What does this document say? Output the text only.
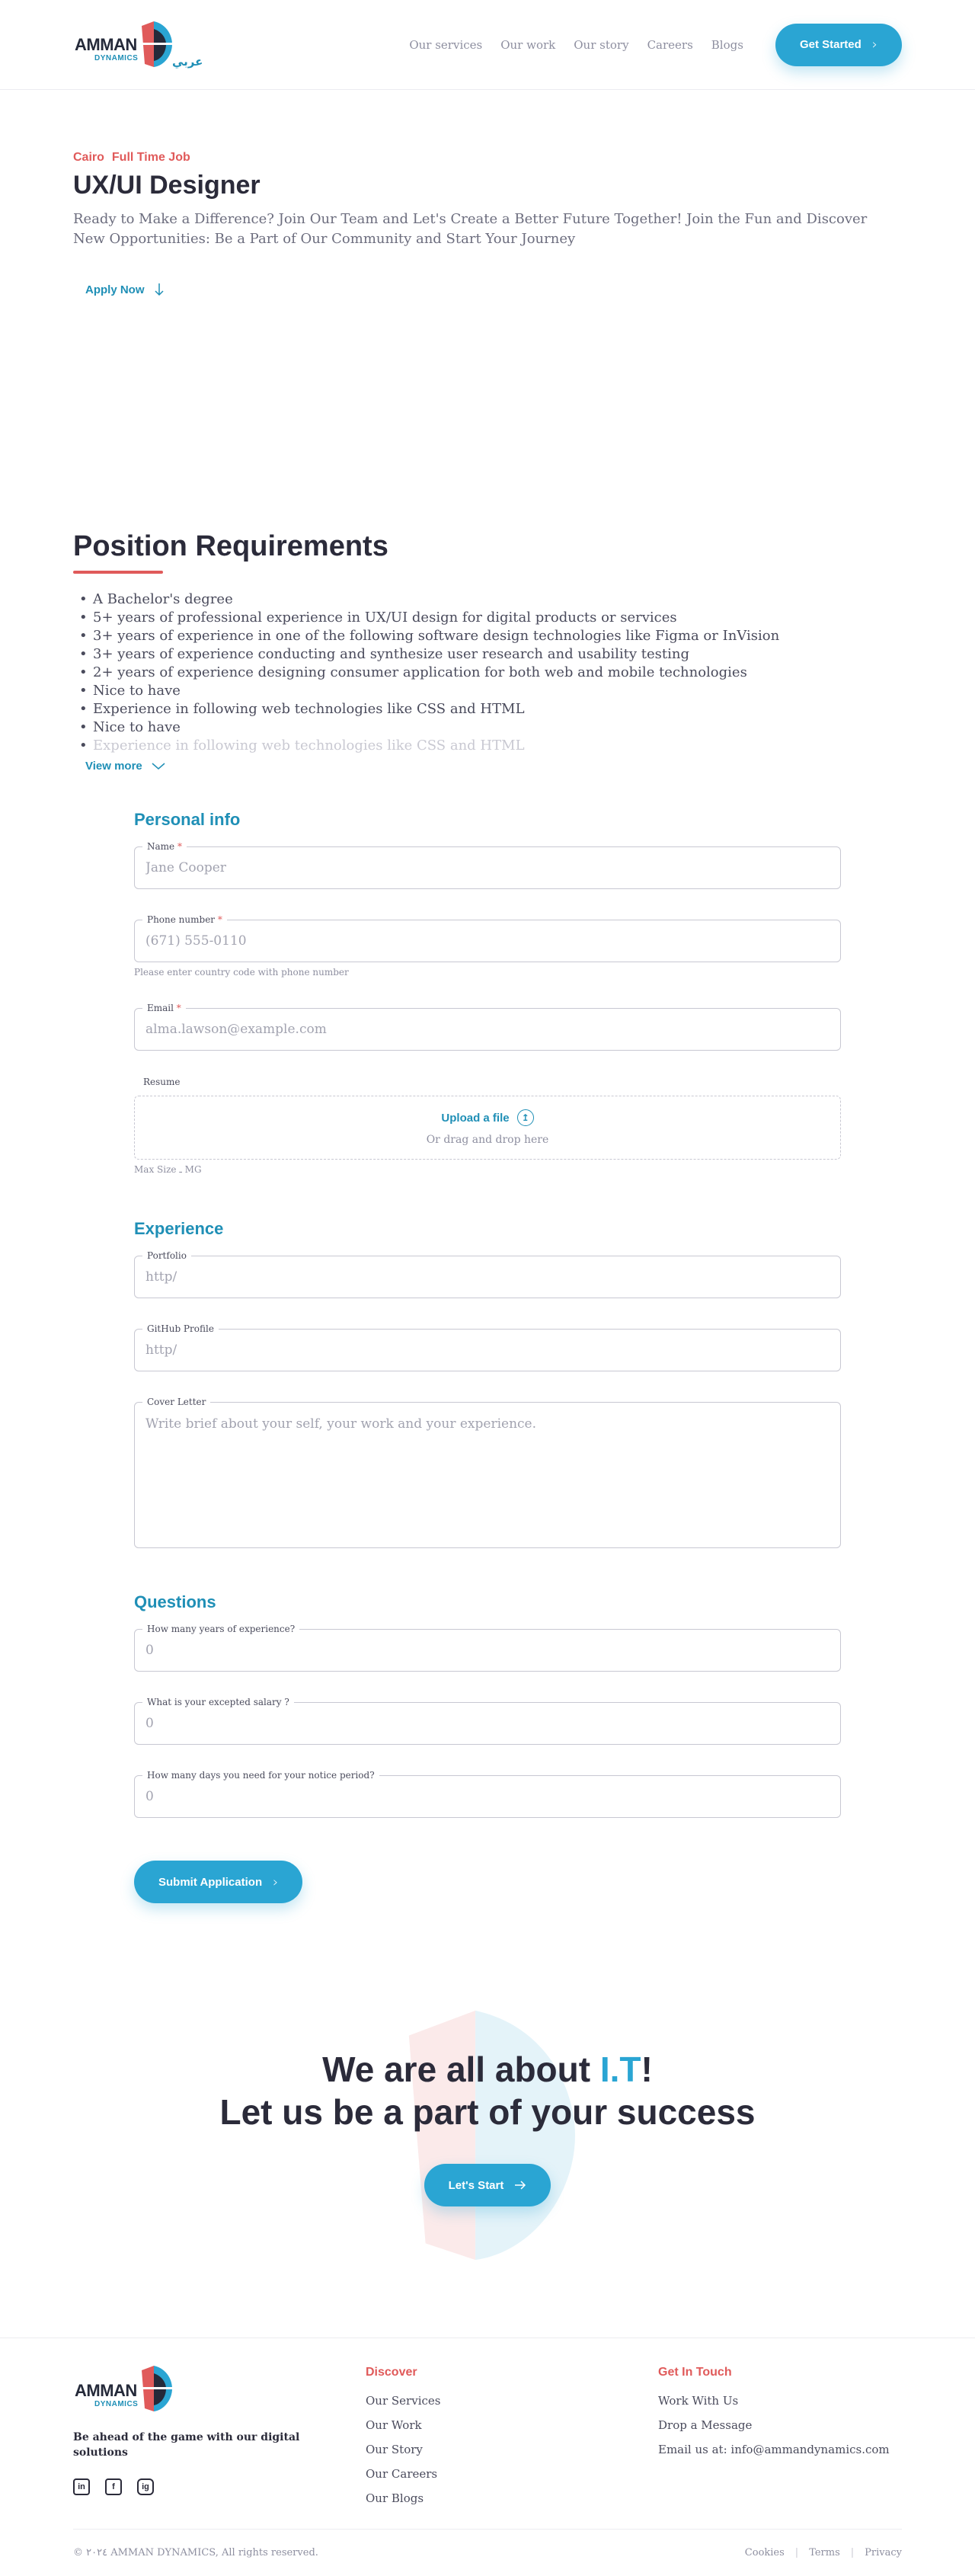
AMMAN
DYNAMICS	عربي
Our services Our work Our story Careers Blogs	Get Started ›
Cairo Full Time Job
UX/UI Designer

Ready to Make a Difference? Join Our Team and Let's Create a Better Future Together! Join the Fun and Discover New Opportunities: Be a Part of Our Community and Start Your Journey

Apply Now
Position Requirements
• A Bachelor's degree
• 5+ years of professional experience in UX/UI design for digital products or services
• 3+ years of experience in one of the following software design technologies like Figma or InVision
• 3+ years of experience conducting and synthesize user research and usability testing
• 2+ years of experience designing consumer application for both web and mobile technologies
• Nice to have
• Experience in following web technologies like CSS and HTML
• Nice to have
• Experience in following web technologies like CSS and HTML
View more
Personal info
Name *
Jane Cooper
Phone number *
(671) 555-0110

Please enter country code with phone number

Email *
alma.lawson@example.com
Resume
Upload a file	↥
Or drag and drop here

Max Size ـ MG

Experience
Portfolio
http/
GitHub Profile
http/
Cover Letter
Write brief about your self, your work and your experience.
Questions
How many years of experience?
0
What is your excepted salary ?
0
How many days you need for your notice period?
0
Submit Application ›
We are all about I.T!
Let us be a part of your success
Let's Start
AMMAN
DYNAMICS

Be ahead of the game with our digital solutions

in	f	ig
Discover
Our Services
Our Work
Our Story
Our Careers
Our Blogs
Get In Touch
Work With Us
Drop a Message
Email us at: info@ammandynamics.com
© ٢٠٢٤ AMMAN DYNAMICS, All rights reserved.	Cookies | Terms | Privacy
